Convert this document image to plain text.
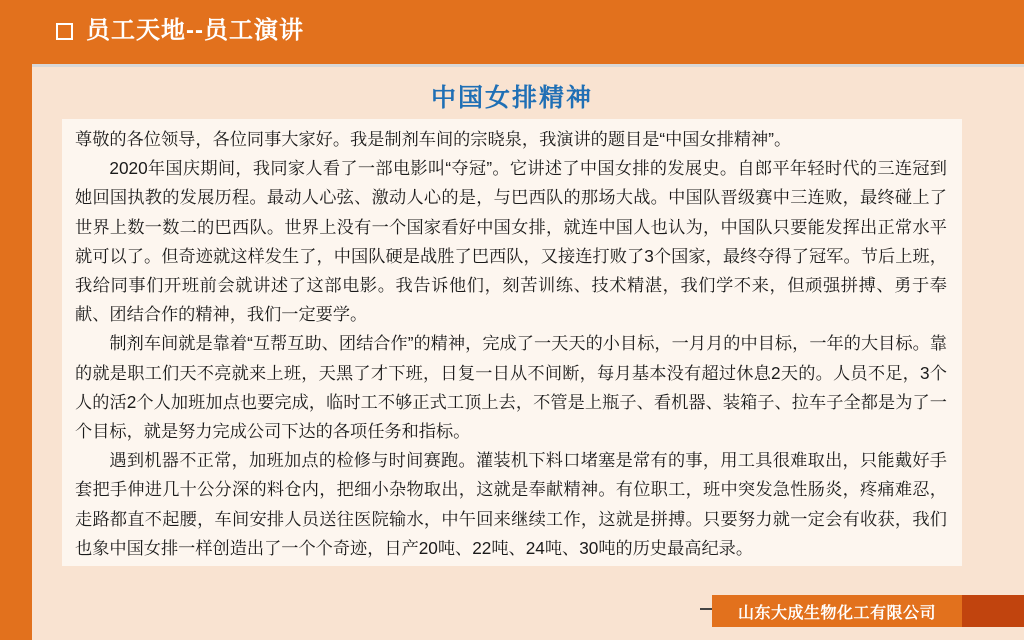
员工天地--员工演讲
中国女排精神

尊敬的各位领导，各位同事大家好。我是制剂车间的宗晓泉，我演讲的题目是“中国女排精神”。

2020年国庆期间，我同家人看了一部电影叫“夺冠”。它讲述了中国女排的发展史。自郎平年轻时代的三连冠到她回国执教的发展历程。最动人心弦、激动人心的是，与巴西队的那场大战。中国队晋级赛中三连败，最终碰上了世界上数一数二的巴西队。世界上没有一个国家看好中国女排，就连中国人也认为，中国队只要能发挥出正常水平就可以了。但奇迹就这样发生了，中国队硬是战胜了巴西队，又接连打败了3个国家，最终夺得了冠军。节后上班，我给同事们开班前会就讲述了这部电影。我告诉他们，刻苦训练、技术精湛，我们学不来，但顽强拼搏、勇于奉献、团结合作的精神，我们一定要学。

制剂车间就是靠着“互帮互助、团结合作”的精神，完成了一天天的小目标，一月月的中目标，一年的大目标。靠的就是职工们天不亮就来上班，天黑了才下班，日复一日从不间断，每月基本没有超过休息2天的。人员不足，3个人的活2个人加班加点也要完成，临时工不够正式工顶上去，不管是上瓶子、看机器、装箱子、拉车子全都是为了一个目标，就是努力完成公司下达的各项任务和指标。

遇到机器不正常，加班加点的检修与时间赛跑。灌装机下料口堵塞是常有的事，用工具很难取出，只能戴好手套把手伸进几十公分深的料仓内，把细小杂物取出，这就是奉献精神。有位职工，班中突发急性肠炎，疼痛难忍，走路都直不起腰，车间安排人员送往医院输水，中午回来继续工作，这就是拼搏。只要努力就一定会有收获，我们也象中国女排一样创造出了一个个奇迹，日产20吨、22吨、24吨、30吨的历史最高纪录。

山东大成生物化工有限公司
